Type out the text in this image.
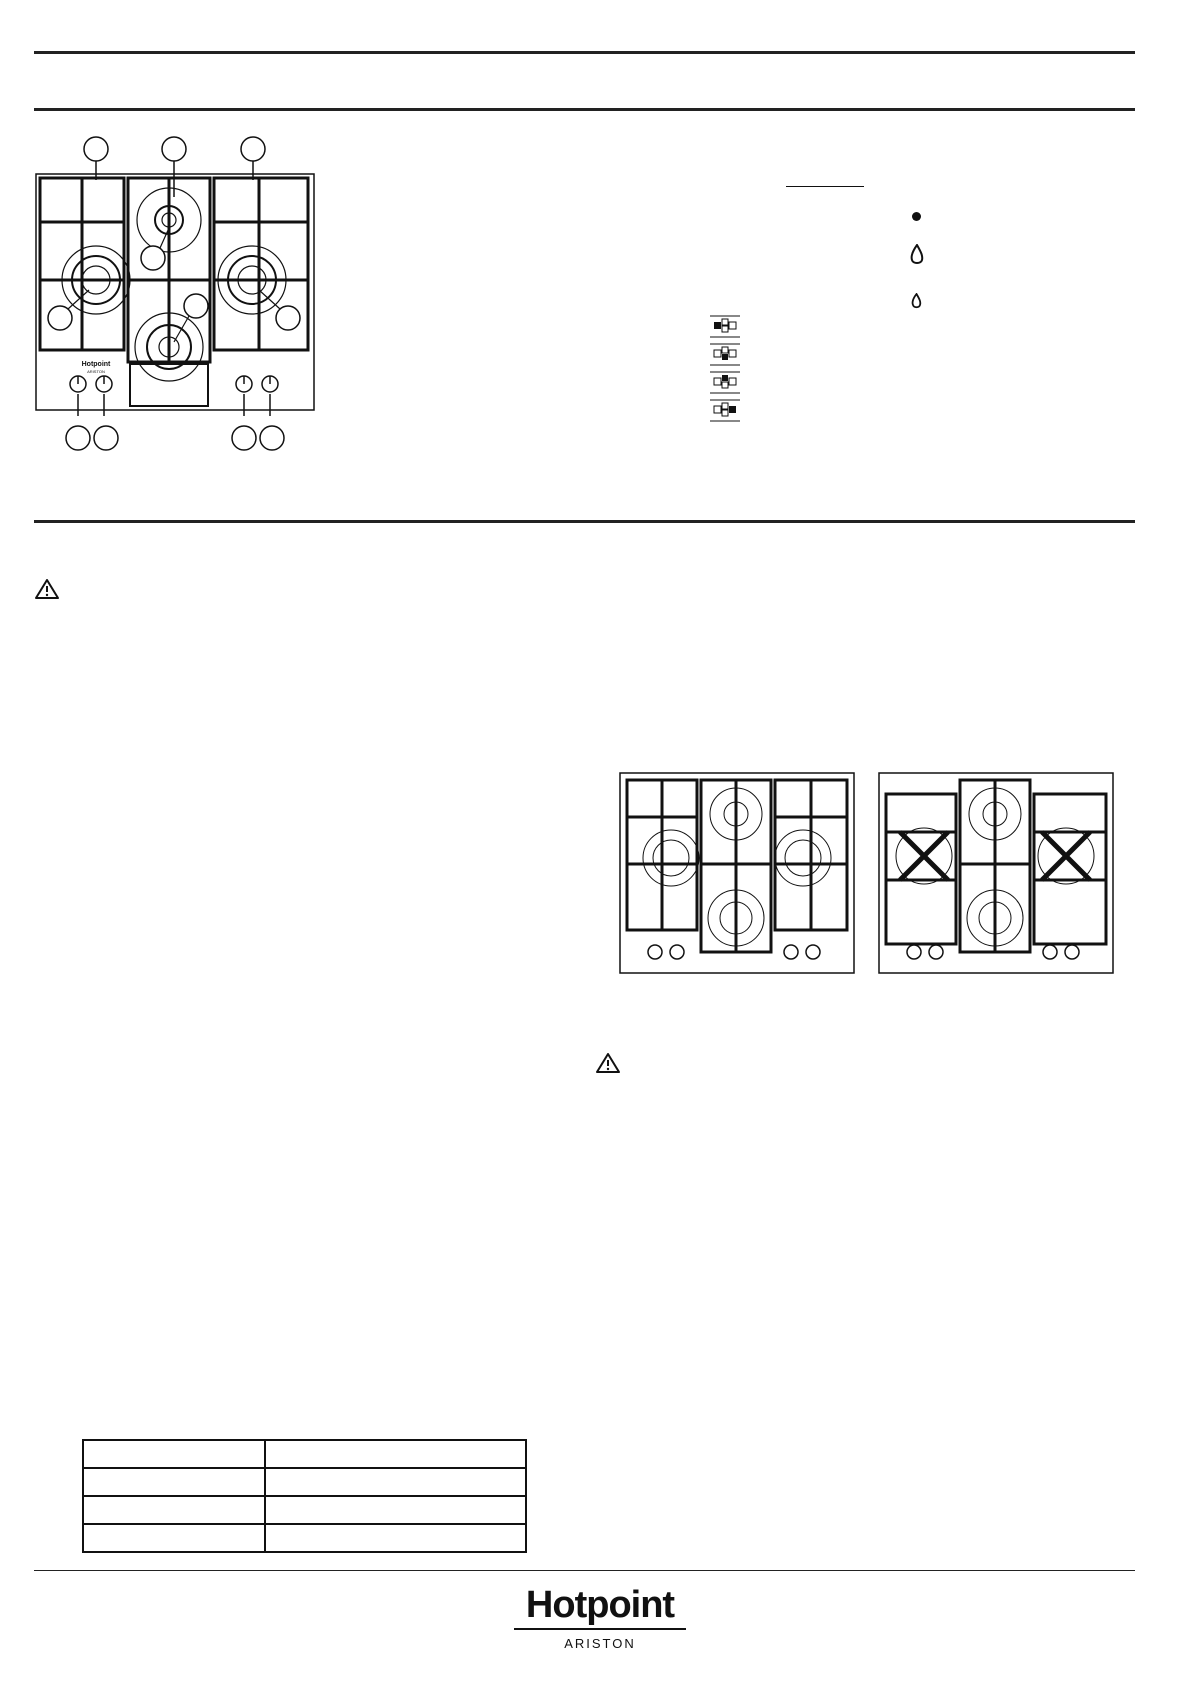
Hotpoint
ARISTON

Hotpoint
ARISTON
